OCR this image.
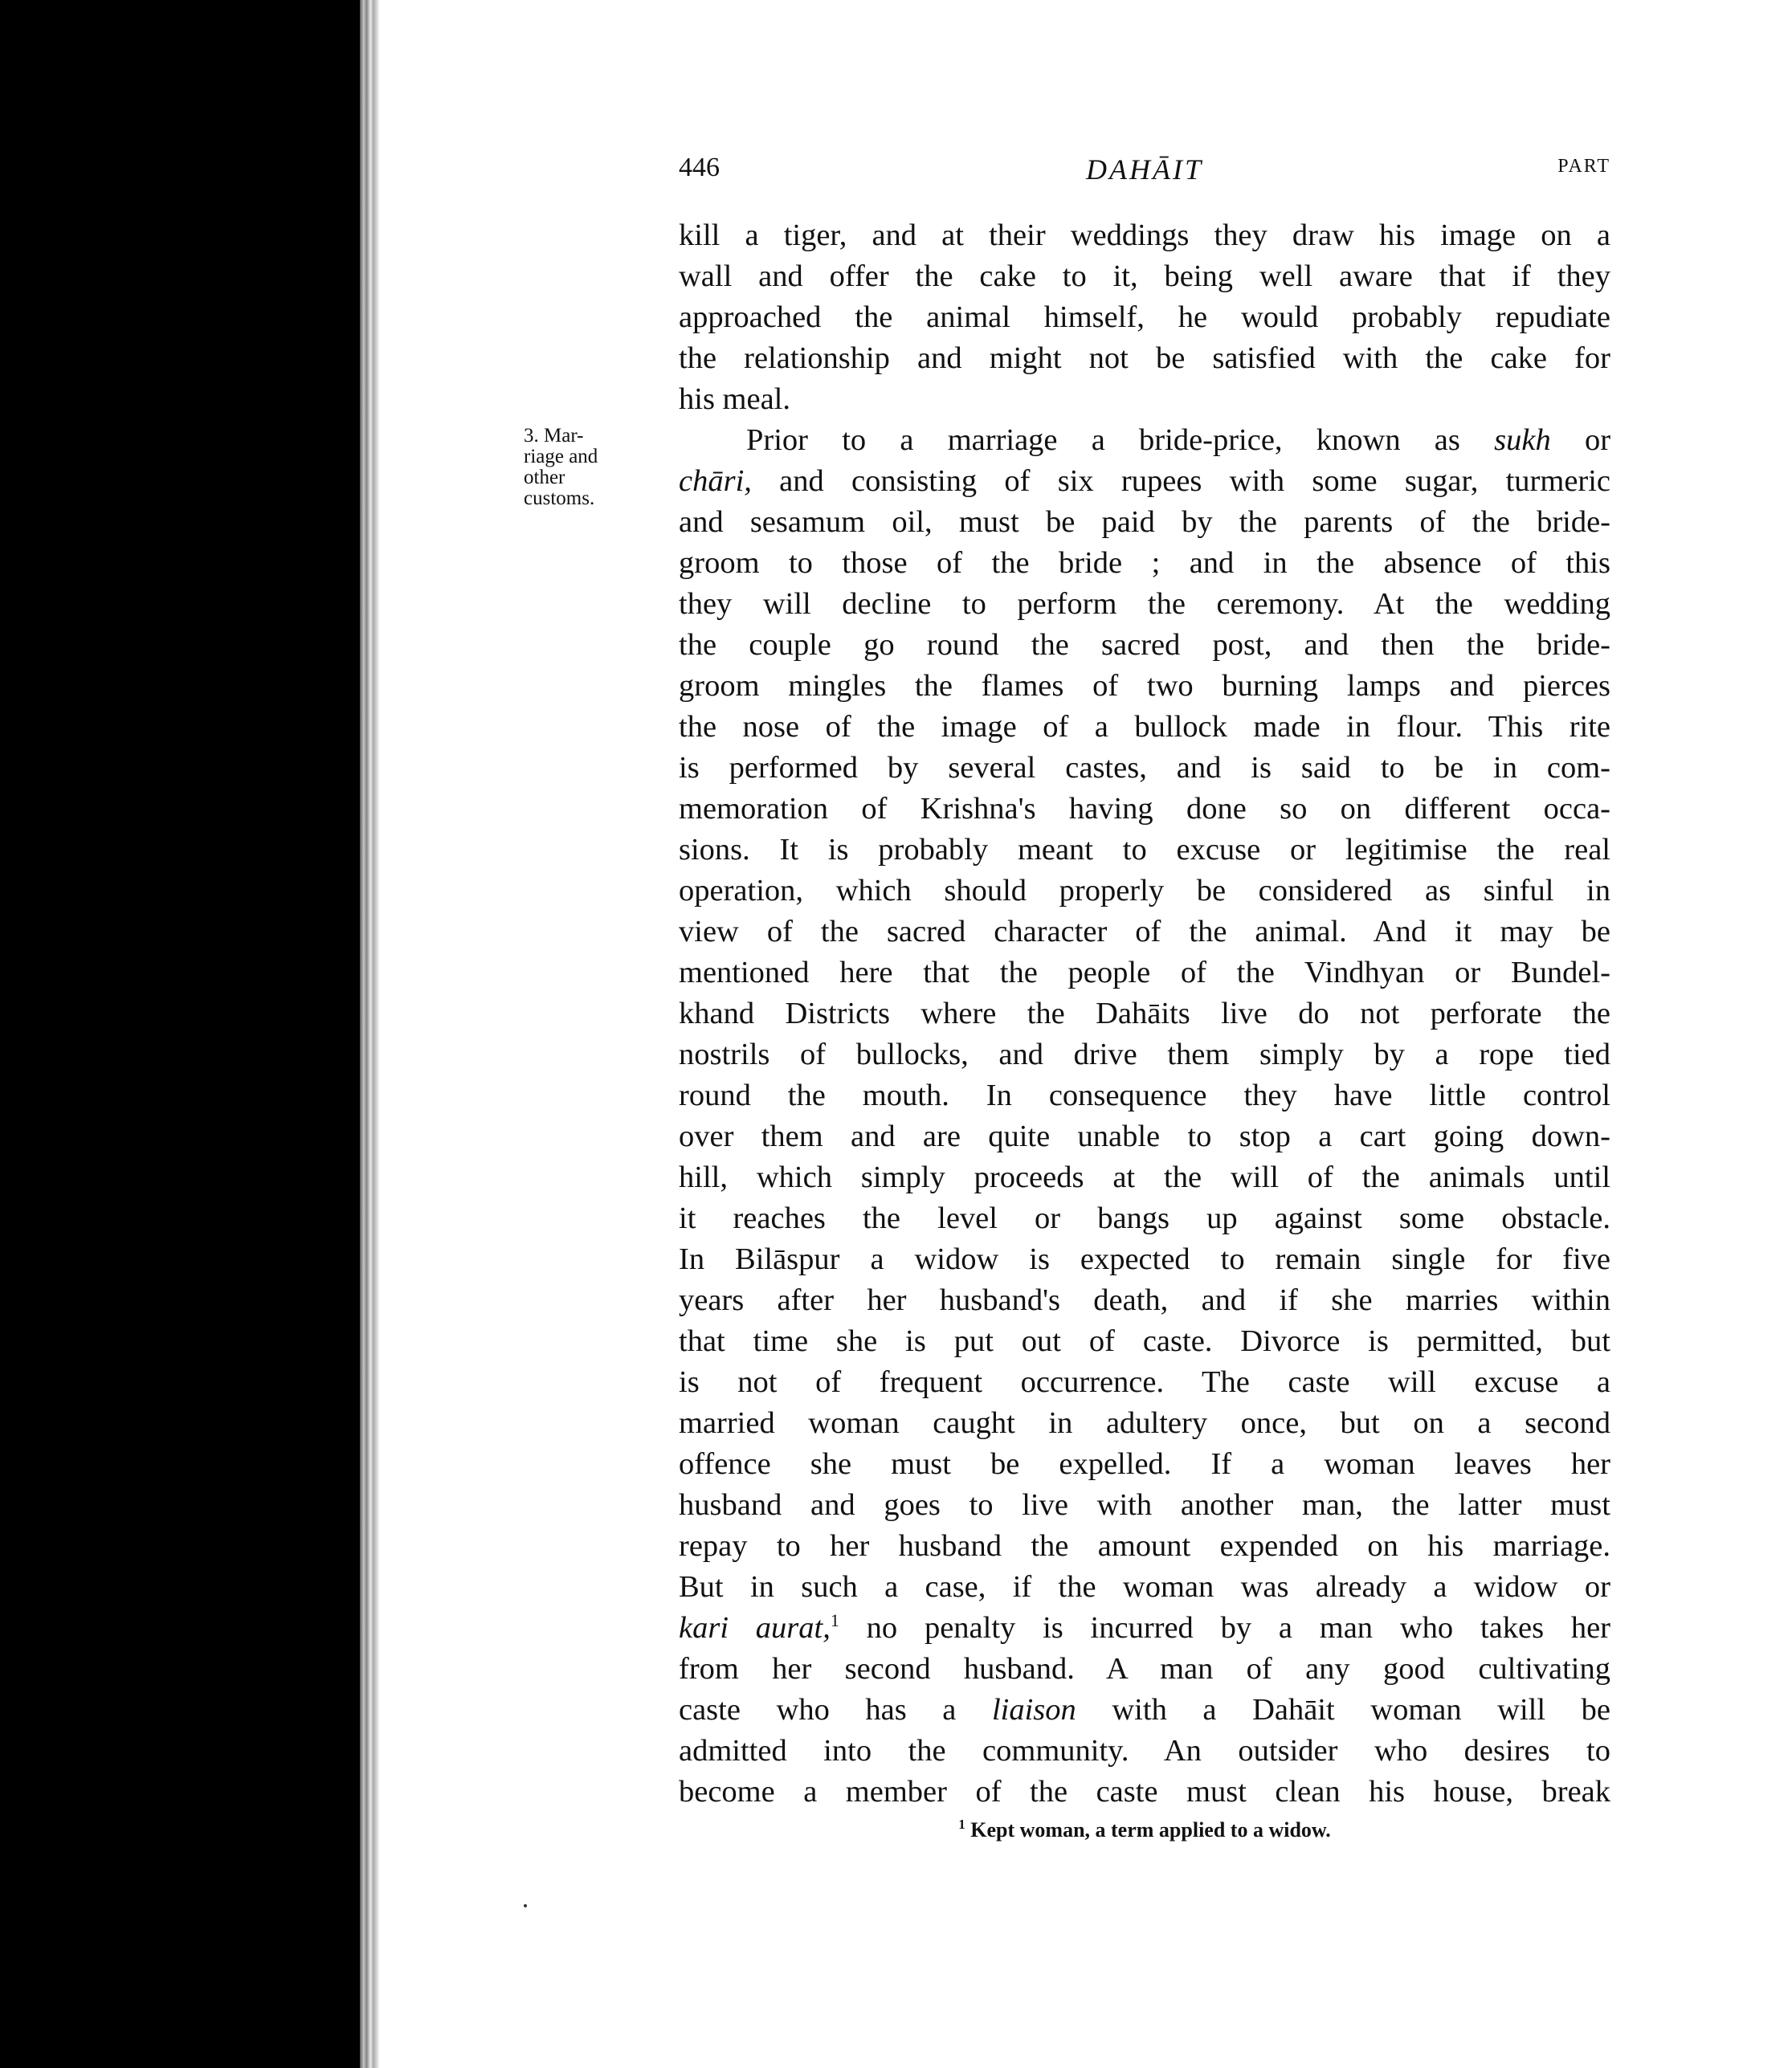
446	DAHĀIT	PART
3. Mar-
riage and
other
customs.
kill a tiger, and at their weddings they draw his image on a
wall and offer the cake to it, being well aware that if they
approached the animal himself, he would probably repudiate
the relationship and might not be satisfied with the cake for
his meal.
Prior to a marriage a bride-price, known as sukh or
chāri, and consisting of six rupees with some sugar, turmeric
and sesamum oil, must be paid by the parents of the bride-
groom to those of the bride ; and in the absence of this
they will decline to perform the ceremony. At the wedding
the couple go round the sacred post, and then the bride-
groom mingles the flames of two burning lamps and pierces
the nose of the image of a bullock made in flour. This rite
is performed by several castes, and is said to be in com-
memoration of Krishna's having done so on different occa-
sions. It is probably meant to excuse or legitimise the real
operation, which should properly be considered as sinful in
view of the sacred character of the animal. And it may be
mentioned here that the people of the Vindhyan or Bundel-
khand Districts where the Dahāits live do not perforate the
nostrils of bullocks, and drive them simply by a rope tied
round the mouth. In consequence they have little control
over them and are quite unable to stop a cart going down-
hill, which simply proceeds at the will of the animals until
it reaches the level or bangs up against some obstacle.
In Bilāspur a widow is expected to remain single for five
years after her husband's death, and if she marries within
that time she is put out of caste. Divorce is permitted, but
is not of frequent occurrence. The caste will excuse a
married woman caught in adultery once, but on a second
offence she must be expelled. If a woman leaves her
husband and goes to live with another man, the latter must
repay to her husband the amount expended on his marriage.
But in such a case, if the woman was already a widow or
kari aurat,$^1$ no penalty is incurred by a man who takes her
from her second husband. A man of any good cultivating
caste who has a liaison with a Dahāit woman will be
admitted into the community. An outsider who desires to
become a member of the caste must clean his house, break
$^1$ Kept woman, a term applied to a widow.
